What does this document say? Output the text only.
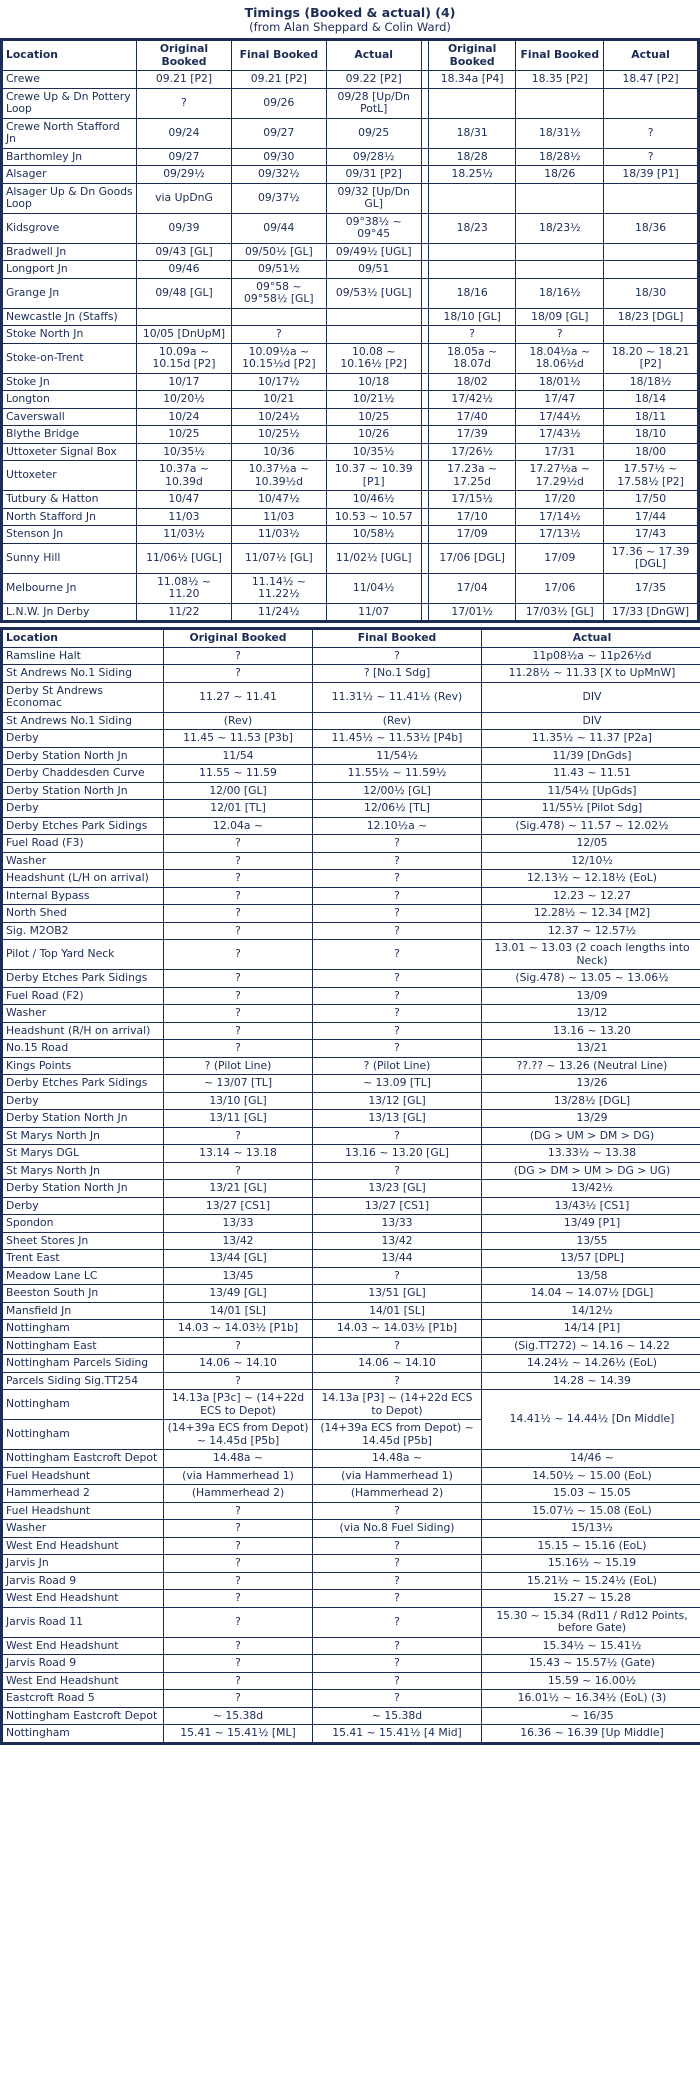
Timings (Booked & actual) (4)
(from Alan Sheppard & Colin Ward)
Location	Original Booked	Final Booked	Actual		Original Booked	Final Booked	Actual
Crewe	09.21 [P2]	09.21 [P2]	09.22 [P2]		18.34a [P4]	18.35 [P2]	18.47 [P2]
Crewe Up & Dn Pottery Loop	?	09/26	09/28 [Up/Dn PotL]				
Crewe North Stafford Jn	09/24	09/27	09/25		18/31	18/31½	?
Barthomley Jn	09/27	09/30	09/28½		18/28	18/28½	?
Alsager	09/29½	09/32½	09/31 [P2]		18.25½	18/26	18/39 [P1]
Alsager Up & Dn Goods Loop	via UpDnG	09/37½	09/32 [Up/Dn GL]				
Kidsgrove	09/39	09/44	09°38½ ~ 09°45		18/23	18/23½	18/36
Bradwell Jn	09/43 [GL]	09/50½ [GL]	09/49½ [UGL]				
Longport Jn	09/46	09/51½	09/51				
Grange Jn	09/48 [GL]	09°58 ~ 09°58½ [GL]	09/53½ [UGL]		18/16	18/16½	18/30
Newcastle Jn (Staffs)					18/10 [GL]	18/09 [GL]	18/23 [DGL]
Stoke North Jn	10/05 [DnUpM]	?			?	?	
Stoke-on-Trent	10.09a ~ 10.15d [P2]	10.09½a ~ 10.15½d [P2]	10.08 ~ 10.16½ [P2]		18.05a ~ 18.07d	18.04½a ~ 18.06½d	18.20 ~ 18.21 [P2]
Stoke Jn	10/17	10/17½	10/18		18/02	18/01½	18/18½
Longton	10/20½	10/21	10/21½		17/42½	17/47	18/14
Caverswall	10/24	10/24½	10/25		17/40	17/44½	18/11
Blythe Bridge	10/25	10/25½	10/26		17/39	17/43½	18/10
Uttoxeter Signal Box	10/35½	10/36	10/35½		17/26½	17/31	18/00
Uttoxeter	10.37a ~ 10.39d	10.37½a ~ 10.39½d	10.37 ~ 10.39 [P1]		17.23a ~ 17.25d	17.27½a ~ 17.29½d	17.57½ ~ 17.58½ [P2]
Tutbury & Hatton	10/47	10/47½	10/46½		17/15½	17/20	17/50
North Stafford Jn	11/03	11/03	10.53 ~ 10.57		17/10	17/14½	17/44
Stenson Jn	11/03½	11/03½	10/58½		17/09	17/13½	17/43
Sunny Hill	11/06½ [UGL]	11/07½ [GL]	11/02½ [UGL]		17/06 [DGL]	17/09	17.36 ~ 17.39 [DGL]
Melbourne Jn	11.08½ ~ 11.20	11.14½ ~ 11.22½	11/04½		17/04	17/06	17/35
L.N.W. Jn Derby	11/22	11/24½	11/07		17/01½	17/03½ [GL]	17/33 [DnGW]
Location	Original Booked	Final Booked	Actual
Ramsline Halt	?	?	11p08½a ~ 11p26½d
St Andrews No.1 Siding	?	? [No.1 Sdg]	11.28½ ~ 11.33 [X to UpMnW]
Derby St Andrews Economac	11.27 ~ 11.41	11.31½ ~ 11.41½ (Rev)	DIV
St Andrews No.1 Siding	(Rev)	(Rev)	DIV
Derby	11.45 ~ 11.53 [P3b]	11.45½ ~ 11.53½ [P4b]	11.35½ ~ 11.37 [P2a]
Derby Station North Jn	11/54	11/54½	11/39 [DnGds]
Derby Chaddesden Curve	11.55 ~ 11.59	11.55½ ~ 11.59½	11.43 ~ 11.51
Derby Station North Jn	12/00 [GL]	12/00½ [GL]	11/54½ [UpGds]
Derby	12/01 [TL]	12/06½ [TL]	11/55½ [Pilot Sdg]
Derby Etches Park Sidings	12.04a ~	12.10½a ~	(Sig.478) ~ 11.57 ~ 12.02½
Fuel Road (F3)	?	?	12/05
Washer	?	?	12/10½
Headshunt (L/H on arrival)	?	?	12.13½ ~ 12.18½ (EoL)
Internal Bypass	?	?	12.23 ~ 12.27
North Shed	?	?	12.28½ ~ 12.34 [M2]
Sig. M2OB2	?	?	12.37 ~ 12.57½
Pilot / Top Yard Neck	?	?	13.01 ~ 13.03 (2 coach lengths into Neck)
Derby Etches Park Sidings	?	?	(Sig.478) ~ 13.05 ~ 13.06½
Fuel Road (F2)	?	?	13/09
Washer	?	?	13/12
Headshunt (R/H on arrival)	?	?	13.16 ~ 13.20
No.15 Road	?	?	13/21
Kings Points	? (Pilot Line)	? (Pilot Line)	??.?? ~ 13.26 (Neutral Line)
Derby Etches Park Sidings	~ 13/07 [TL]	~ 13.09 [TL]	13/26
Derby	13/10 [GL]	13/12 [GL]	13/28½ [DGL]
Derby Station North Jn	13/11 [GL]	13/13 [GL]	13/29
St Marys North Jn	?	?	(DG > UM > DM > DG)
St Marys DGL	13.14 ~ 13.18	13.16 ~ 13.20 [GL]	13.33½ ~ 13.38
St Marys North Jn	?	?	(DG > DM > UM > DG > UG)
Derby Station North Jn	13/21 [GL]	13/23 [GL]	13/42½
Derby	13/27 [CS1]	13/27 [CS1]	13/43½ [CS1]
Spondon	13/33	13/33	13/49 [P1]
Sheet Stores Jn	13/42	13/42	13/55
Trent East	13/44 [GL]	13/44	13/57 [DPL]
Meadow Lane LC	13/45	?	13/58
Beeston South Jn	13/49 [GL]	13/51 [GL]	14.04 ~ 14.07½ [DGL]
Mansfield Jn	14/01 [SL]	14/01 [SL]	14/12½
Nottingham	14.03 ~ 14.03½ [P1b]	14.03 ~ 14.03½ [P1b]	14/14 [P1]
Nottingham East	?	?	(Sig.TT272) ~ 14.16 ~ 14.22
Nottingham Parcels Siding	14.06 ~ 14.10	14.06 ~ 14.10	14.24½ ~ 14.26½ (EoL)
Parcels Siding Sig.TT254	?	?	14.28 ~ 14.39
Nottingham	14.13a [P3c] ~ (14+22d ECS to Depot)	14.13a [P3] ~ (14+22d ECS to Depot)	14.41½ ~ 14.44½ [Dn Middle]
Nottingham	(14+39a ECS from Depot) ~ 14.45d [P5b]	(14+39a ECS from Depot) ~ 14.45d [P5b]	
Nottingham Eastcroft Depot	14.48a ~	14.48a ~	14/46 ~
Fuel Headshunt	(via Hammerhead 1)	(via Hammerhead 1)	14.50½ ~ 15.00 (EoL)
Hammerhead 2	(Hammerhead 2)	(Hammerhead 2)	15.03 ~ 15.05
Fuel Headshunt	?	?	15.07½ ~ 15.08 (EoL)
Washer	?	(via No.8 Fuel Siding)	15/13½
West End Headshunt	?	?	15.15 ~ 15.16 (EoL)
Jarvis Jn	?	?	15.16½ ~ 15.19
Jarvis Road 9	?	?	15.21½ ~ 15.24½ (EoL)
West End Headshunt	?	?	15.27 ~ 15.28
Jarvis Road 11	?	?	15.30 ~ 15.34 (Rd11 / Rd12 Points, before Gate)
West End Headshunt	?	?	15.34½ ~ 15.41½
Jarvis Road 9	?	?	15.43 ~ 15.57½ (Gate)
West End Headshunt	?	?	15.59 ~ 16.00½
Eastcroft Road 5	?	?	16.01½ ~ 16.34½ (EoL) (3)
Nottingham Eastcroft Depot	~ 15.38d	~ 15.38d	~ 16/35
Nottingham	15.41 ~ 15.41½ [ML]	15.41 ~ 15.41½ [4 Mid]	16.36 ~ 16.39 [Up Middle]
